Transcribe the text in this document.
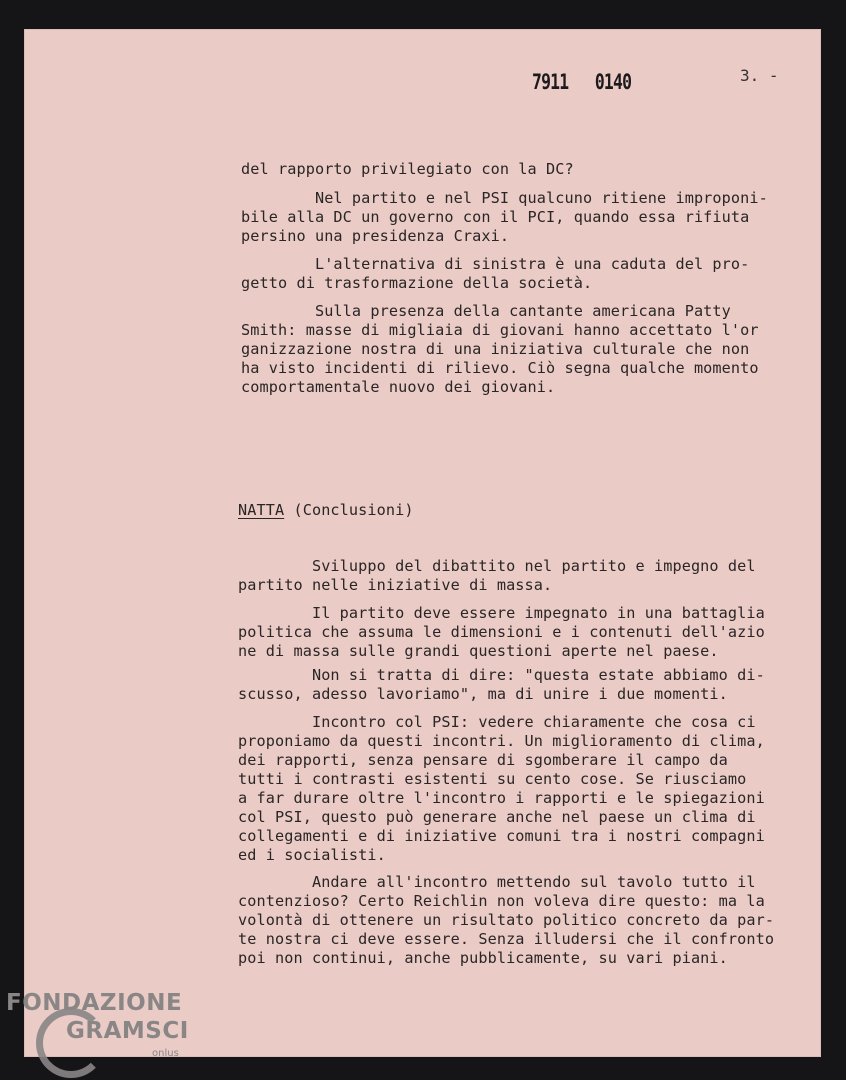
7911 0140	3. -
del rapporto privilegiato con la DC?
Nel partito e nel PSI qualcuno ritiene improponi-
bile alla DC un governo con il PCI, quando essa rifiuta
persino una presidenza Craxi.
L'alternativa di sinistra è una caduta del pro-
getto di trasformazione della società.
Sulla presenza della cantante americana Patty
Smith: masse di migliaia di giovani hanno accettato l'or
ganizzazione nostra di una iniziativa culturale che non
ha visto incidenti di rilievo. Ciò segna qualche momento
comportamentale nuovo dei giovani.
NATTA (Conclusioni)
Sviluppo del dibattito nel partito e impegno del
partito nelle iniziative di massa.
Il partito deve essere impegnato in una battaglia
politica che assuma le dimensioni e i contenuti dell'azio
ne di massa sulle grandi questioni aperte nel paese.
Non si tratta di dire: "questa estate abbiamo di-
scusso, adesso lavoriamo", ma di unire i due momenti.
Incontro col PSI: vedere chiaramente che cosa ci
proponiamo da questi incontri. Un miglioramento di clima,
dei rapporti, senza pensare di sgomberare il campo da
tutti i contrasti esistenti su cento cose. Se riusciamo
a far durare oltre l'incontro i rapporti e le spiegazioni
col PSI, questo può generare anche nel paese un clima di
collegamenti e di iniziative comuni tra i nostri compagni
ed i socialisti.
Andare all'incontro mettendo sul tavolo tutto il
contenzioso? Certo Reichlin non voleva dire questo: ma la
volontà di ottenere un risultato politico concreto da par-
te nostra ci deve essere. Senza illudersi che il confronto
poi non continui, anche pubblicamente, su vari piani.
FONDAZIONE
GRAMSCI
onlus
